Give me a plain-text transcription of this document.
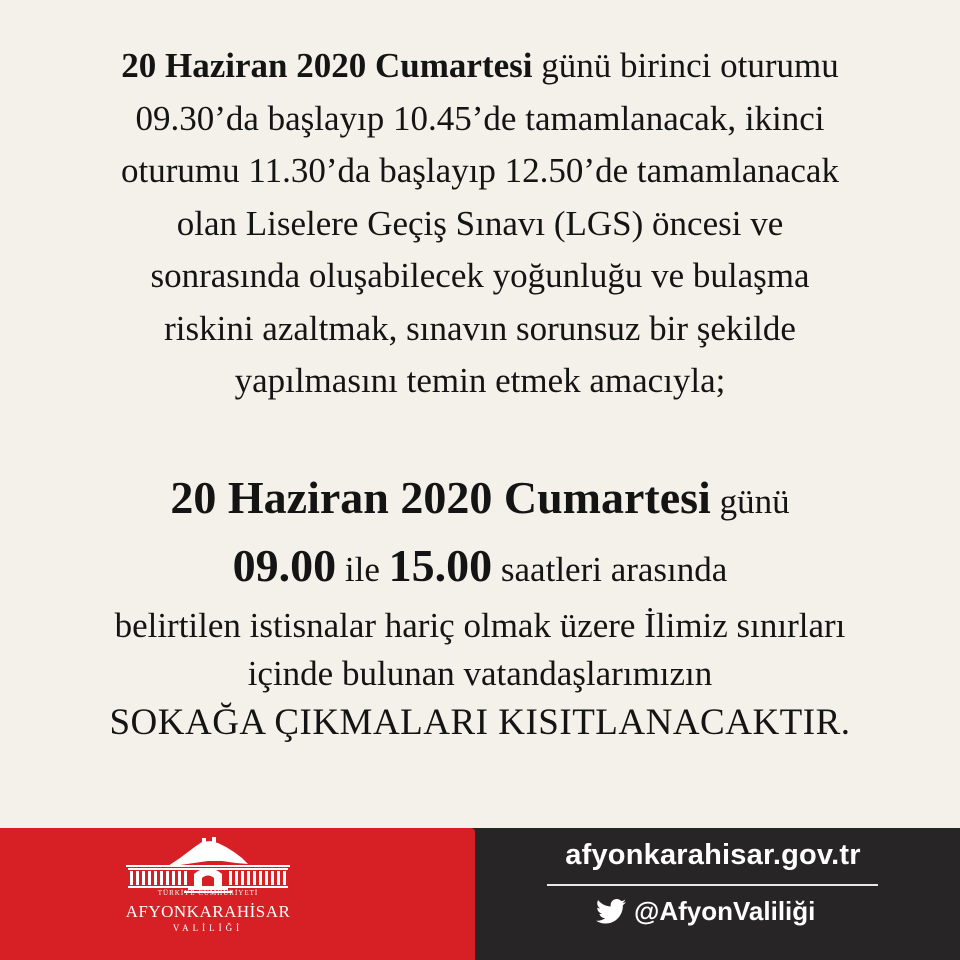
20 Haziran 2020 Cumartesi günü birinci oturumu
09.30’da başlayıp 10.45’de tamamlanacak, ikinci
oturumu 11.30’da başlayıp 12.50’de tamamlanacak
olan Liselere Geçiş Sınavı (LGS) öncesi ve
sonrasında oluşabilecek yoğunluğu ve bulaşma
riskini azaltmak, sınavın sorunsuz bir şekilde
yapılmasını temin etmek amacıyla;
20 Haziran 2020 Cumartesi günü
09.00 ile 15.00 saatleri arasında
belirtilen istisnalar hariç olmak üzere İlimiz sınırları
içinde bulunan vatandaşlarımızın
SOKAĞA ÇIKMALARI KISITLANACAKTIR.
TÜRKİYE CUMHURİYETİ
AFYONKARAHİSAR
VALİLİĞİ
afyonkarahisar.gov.tr
@AfyonValiliği
